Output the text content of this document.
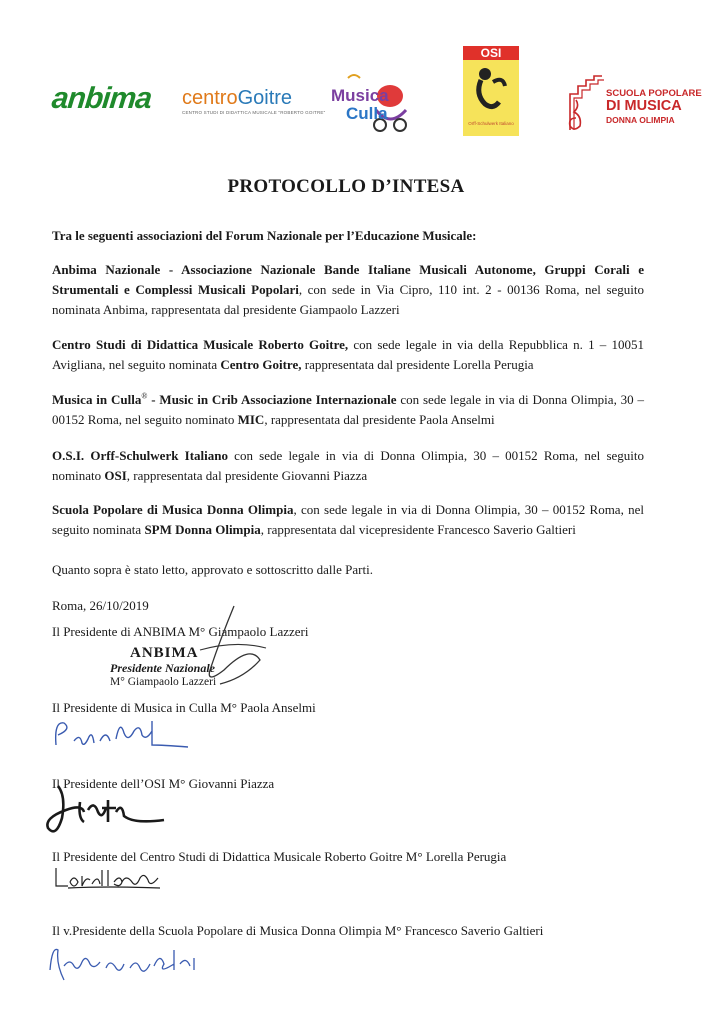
anbima centroGoitre
CENTRO STUDI DI DIDATTICA MUSICALE "ROBERTO GOITRE"
Musica
Culla
OSI
Orff-Schulwerk Italiano
SCUOLA POPOLARE
DI MUSICA
DONNA OLIMPIA
PROTOCOLLO D’INTESA
Tra le seguenti associazioni del Forum Nazionale per l’Educazione Musicale:
Anbima Nazionale - Associazione Nazionale Bande Italiane Musicali Autonome, Gruppi Corali e Strumentali e Complessi Musicali Popolari, con sede in Via Cipro, 110 int. 2 - 00136 Roma, nel seguito nominata Anbima, rappresentata dal presidente Giampaolo Lazzeri
Centro Studi di Didattica Musicale Roberto Goitre, con sede legale in via della Repubblica n. 1 – 10051 Avigliana, nel seguito nominata Centro Goitre, rappresentata dal presidente Lorella Perugia
Musica in Culla® - Music in Crib Associazione Internazionale con sede legale in via di Donna Olimpia, 30 – 00152 Roma, nel seguito nominato MIC, rappresentata dal presidente Paola Anselmi
O.S.I. Orff-Schulwerk Italiano con sede legale in via di Donna Olimpia, 30 – 00152 Roma, nel seguito nominato OSI, rappresentata dal presidente Giovanni Piazza
Scuola Popolare di Musica Donna Olimpia, con sede legale in via di Donna Olimpia, 30 – 00152 Roma, nel seguito nominata SPM Donna Olimpia, rappresentata dal vicepresidente Francesco Saverio Galtieri
Quanto sopra è stato letto, approvato e sottoscritto dalle Parti.
Roma, 26/10/2019
Il Presidente di ANBIMA M° Giampaolo Lazzeri
ANBIMA
Presidente Nazionale
M° Giampaolo Lazzeri
Il Presidente di Musica in Culla M° Paola Anselmi
Il Presidente dell’OSI M° Giovanni Piazza
Il Presidente del Centro Studi di Didattica Musicale Roberto Goitre M° Lorella Perugia
Il v.Presidente della Scuola Popolare di Musica Donna Olimpia M° Francesco Saverio Galtieri
